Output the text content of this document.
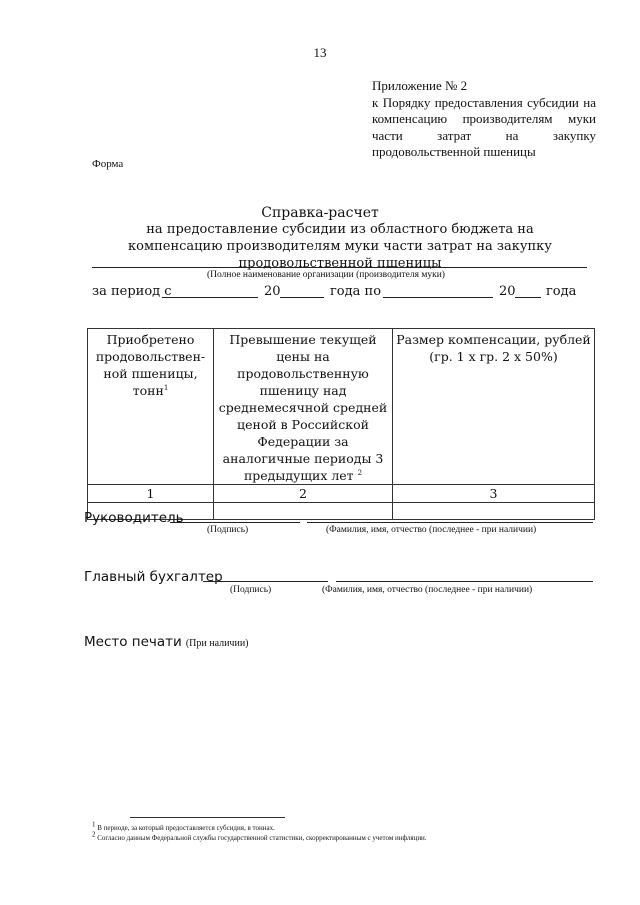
13
Приложение № 2
к Порядку предоставления субсидии на компенсацию производителям муки части затрат на закупку продовольственной пшеницы
Форма
Справка-расчет
на предоставление субсидии из областного бюджета на компенсацию производителям муки части затрат на закупку продовольственной пшеницы
(Полное наименование организации (производителя муки)
за период с	20	года по	20 года
Приобретено продовольствен-ной пшеницы, тонн$^1$	Превышение текущей цены на продовольственную пшеницу над среднемесячной средней ценой в Российской Федерации за аналогичные периоды 3 предыдущих лет $^2$	Размер компенсации, рублей (гр. 1 х гр. 2 х 50%)
1	2	3

Руководитель
(Подпись)	(Фамилия, имя, отчество (последнее - при наличии)
Главный бухгалтер
(Подпись)	(Фамилия, имя, отчество (последнее - при наличии)
Место печати (При наличии)
$^1$ В периоде, за который предоставляется субсидия, в тоннах.
$^2$ Согласно данным Федеральной службы государственной статистики, скорректированным с учетом инфляции.
